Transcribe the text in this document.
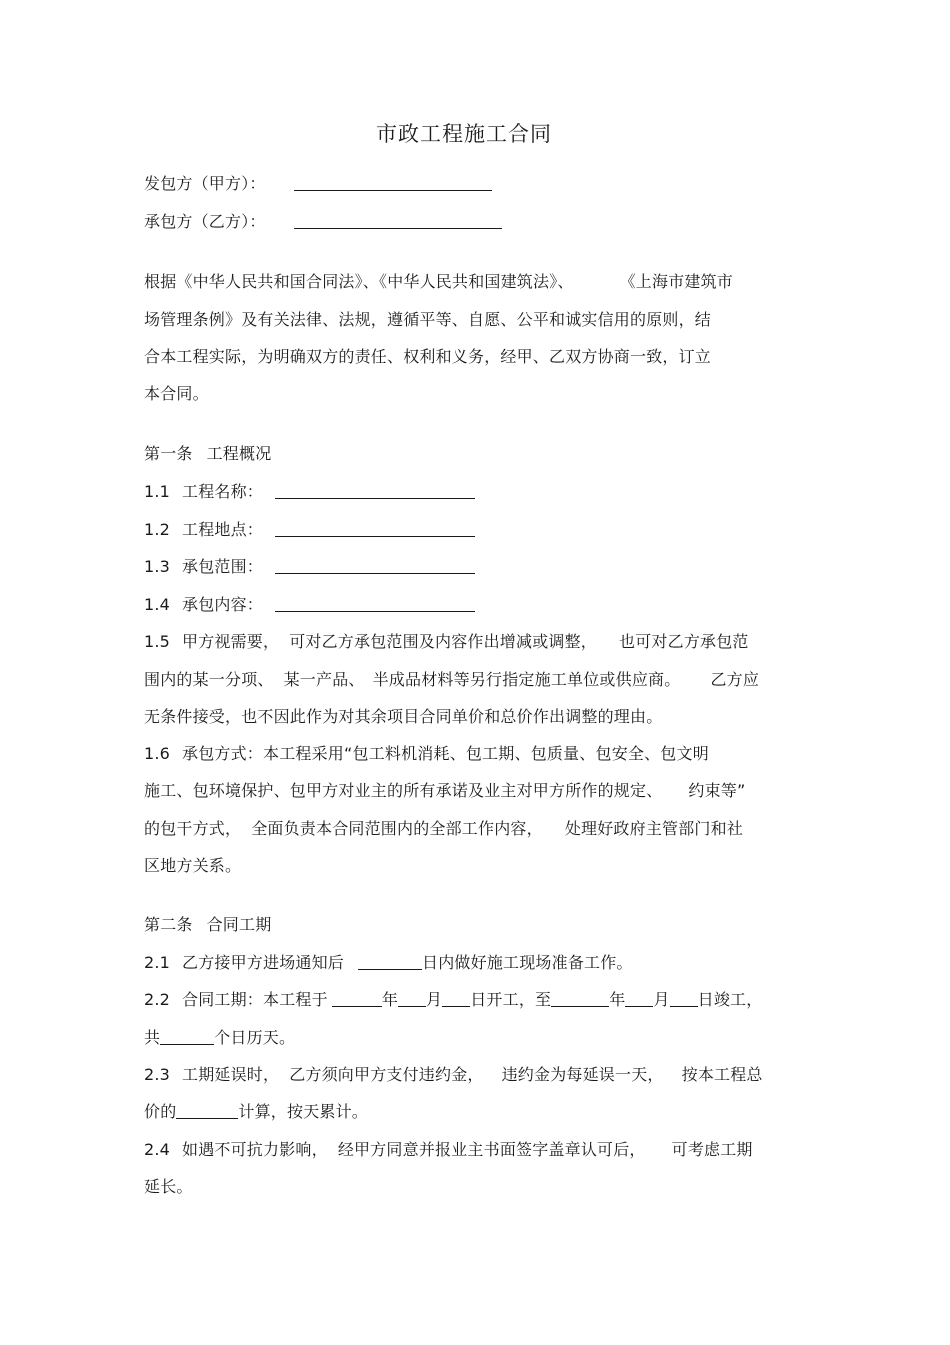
市政工程施工合同
发包方（甲方）：
承包方（乙方）：
根据《中华人民共和国合同法》、《中华人民共和国建筑法》、	《上海市建筑市
场管理条例》及有关法律、法规，遵循平等、自愿、公平和诚实信用的原则，结
合本工程实际，为明确双方的责任、权利和义务，经甲、乙双方协商一致，订立
本合同。
第一条 工程概况
1.1 工程名称：
1.2 工程地点：
1.3 承包范围：
1.4 承包内容：
1.5 甲方视需要， 可对乙方承包范围及内容作出增减或调整， 也可对乙方承包范
围内的某一分项、 某一产品、 半成品材料等另行指定施工单位或供应商。 乙方应
无条件接受，也不因此作为对其余项目合同单价和总价作出调整的理由。
1.6 承包方式：本工程采用“包工料机消耗、包工期、包质量、包安全、包文明
施工、包环境保护、包甲方对业主的所有承诺及业主对甲方所作的规定、 约束等”
的包干方式， 全面负责本合同范围内的全部工作内容， 处理好政府主管部门和社
区地方关系。
第二条 合同工期
2.1 乙方接甲方进场通知后	日内做好施工现场准备工作。
2.2 合同工期：本工程于	年 月 日开工，至	年 月 日竣工，
共	个日历天。
2.3 工期延误时， 乙方须向甲方支付违约金， 违约金为每延误一天， 按本工程总
价的	计算，按天累计。
2.4 如遇不可抗力影响， 经甲方同意并报业主书面签字盖章认可后， 可考虑工期
延长。
